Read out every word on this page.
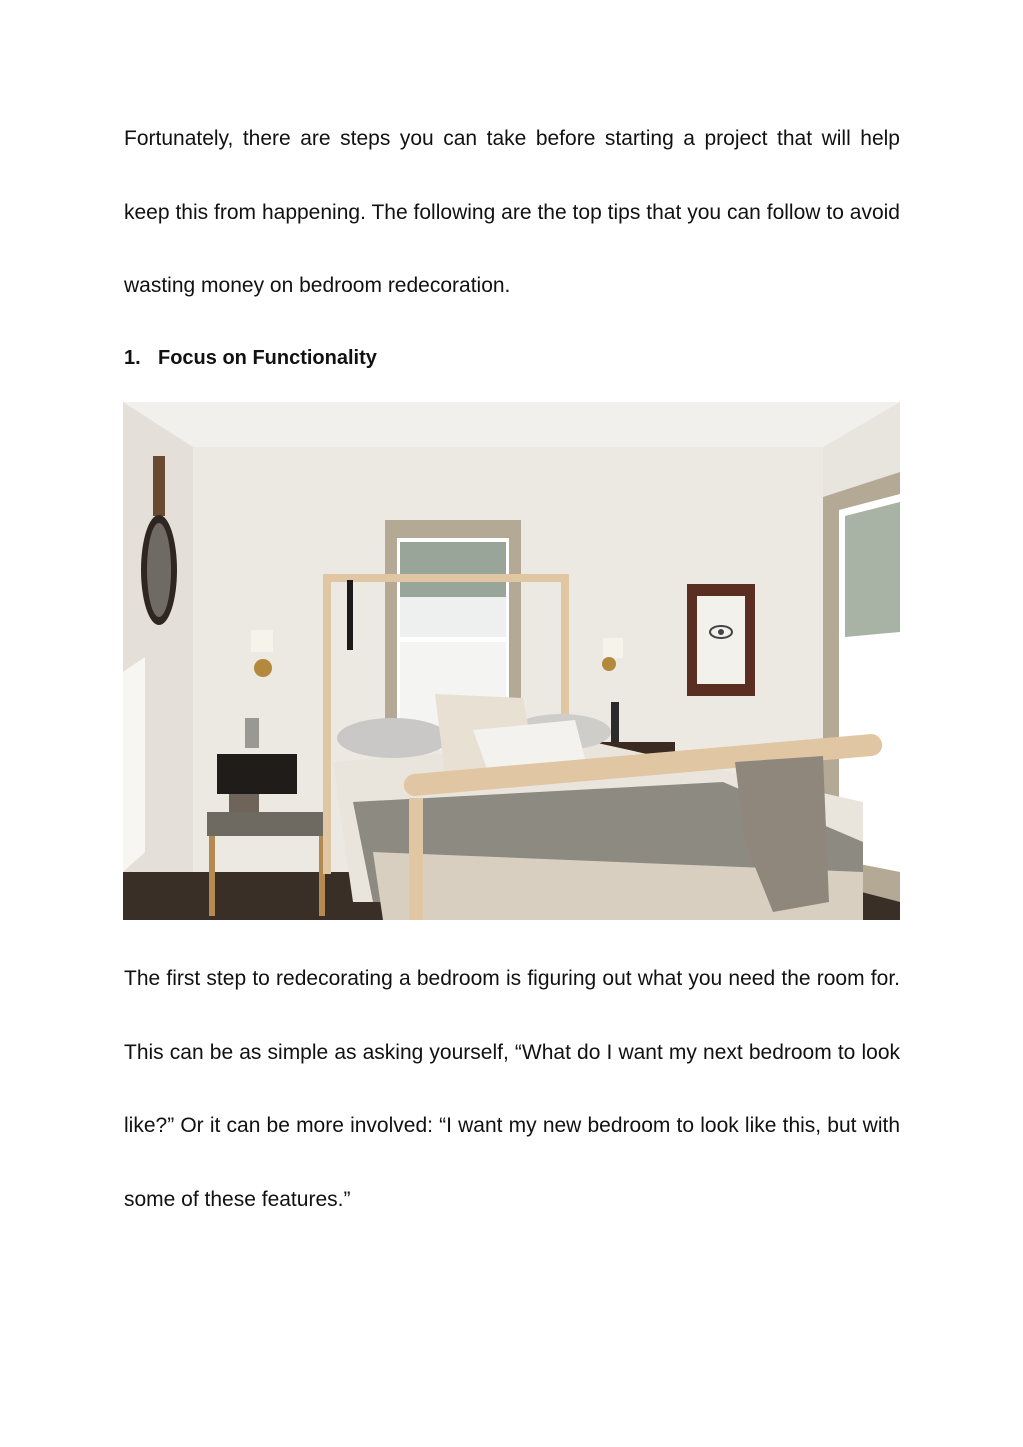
Fortunately, there are steps you can take before starting a project that will help keep this from happening. The following are the top tips that you can follow to avoid wasting money on bedroom redecoration.

1. Focus on Functionality

The first step to redecorating a bedroom is figuring out what you need the room for. This can be as simple as asking yourself, “What do I want my next bedroom to look like?” Or it can be more involved: “I want my new bedroom to look like this, but with some of these features.”
